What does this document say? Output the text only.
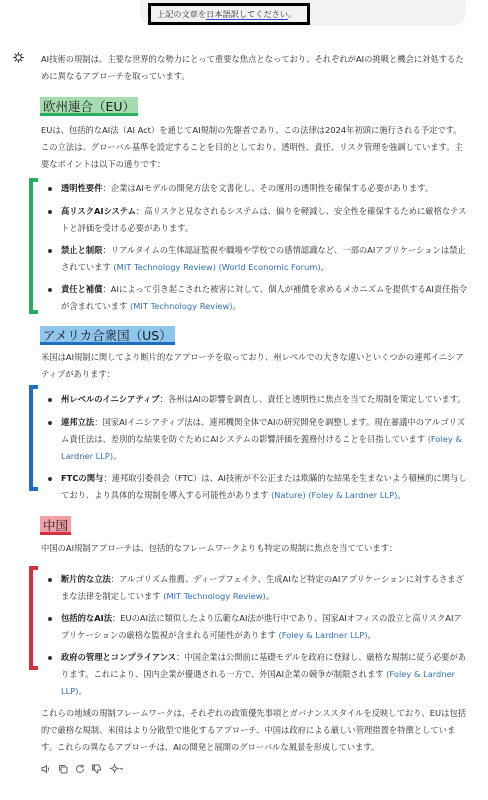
上記の文章を日本語訳してください。
AI技術の規制は、主要な世界的な勢力にとって重要な焦点となっており、それぞれがAIの挑戦と機会に対処するために異なるアプローチを取っています。
欧州連合（EU）
EUは、包括的なAI法（AI Act）を通じてAI規制の先駆者であり、この法律は2024年初頭に施行される予定です。この立法は、グローバル基準を設定することを目的としており、透明性、責任、リスク管理を強調しています。主要なポイントは以下の通りです：
透明性要件：企業はAIモデルの開発方法を文書化し、その運用の透明性を確保する必要があります。
高リスクAIシステム：高リスクと見なされるシステムは、偏りを軽減し、安全性を確保するために厳格なテストと評価を受ける必要があります。
禁止と制限：リアルタイムの生体認証監視や職場や学校での感情認識など、一部のAIアプリケーションは禁止されています (MIT Technology Review) (World Economic Forum)。
責任と補償：AIによって引き起こされた被害に対して、個人が補償を求めるメカニズムを提供するAI責任指令が含まれています (MIT Technology Review)。
アメリカ合衆国（US）
米国はAI規制に関してより断片的なアプローチを取っており、州レベルでの大きな違いといくつかの連邦イニシアティブがあります：
州レベルのイニシアティブ：各州はAIの影響を調査し、責任と透明性に焦点を当てた規制を策定しています。
連邦立法：国家AIイニシアティブ法は、連邦機関全体でAIの研究開発を調整します。現在審議中のアルゴリズム責任法は、差別的な結果を防ぐためにAIシステムの影響評価を義務付けることを目指しています (Foley & Lardner LLP)。
FTCの関与：連邦取引委員会（FTC）は、AI技術が不公正または欺瞞的な結果を生まないよう積極的に関与しており、より具体的な規制を導入する可能性があります (Nature) (Foley & Lardner LLP)。
中国
中国のAI規制アプローチは、包括的なフレームワークよりも特定の規制に焦点を当てています：
断片的な立法：アルゴリズム推薦、ディープフェイク、生成AIなど特定のAIアプリケーションに対するさまざまな法律を制定しています (MIT Technology Review)。
包括的なAI法：EUのAI法に類似したより広範なAI法が進行中であり、国家AIオフィスの設立と高リスクAIアプリケーションの厳格な監視が含まれる可能性があります (Foley & Lardner LLP)。
政府の管理とコンプライアンス：中国企業は公開前に基礎モデルを政府に登録し、厳格な規制に従う必要があります。これにより、国内企業が優遇される一方で、外国AI企業の競争が制限されます (Foley & Lardner LLP)。
これらの地域の規制フレームワークは、それぞれの政策優先事項とガバナンススタイルを反映しており、EUは包括的で厳格な規制、米国はより分散型で進化するアプローチ、中国は政府による厳しい管理措置を特徴としています。これらの異なるアプローチは、AIの開発と展開のグローバルな風景を形成しています。
